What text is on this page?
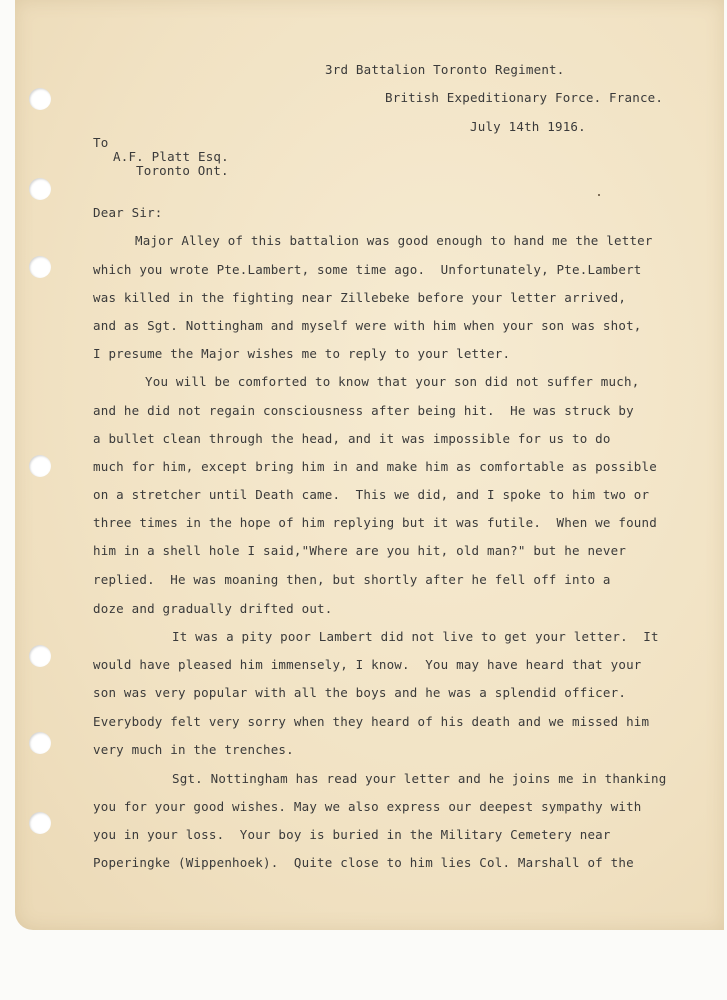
3rd Battalion Toronto Regiment.
British Expeditionary Force. France.
July 14th 1916.
To
A.F. Platt Esq.
Toronto Ont.
Dear Sir:
Major Alley of this battalion was good enough to hand me the letter
which you wrote Pte.Lambert, some time ago.  Unfortunately, Pte.Lambert
was killed in the fighting near Zillebeke before your letter arrived,
and as Sgt. Nottingham and myself were with him when your son was shot,
I presume the Major wishes me to reply to your letter.
You will be comforted to know that your son did not suffer much,
and he did not regain consciousness after being hit.  He was struck by
a bullet clean through the head, and it was impossible for us to do
much for him, except bring him in and make him as comfortable as possible
on a stretcher until Death came.  This we did, and I spoke to him two or
three times in the hope of him replying but it was futile.  When we found
him in a shell hole I said,"Where are you hit, old man?" but he never
replied.  He was moaning then, but shortly after he fell off into a
doze and gradually drifted out.
It was a pity poor Lambert did not live to get your letter.  It
would have pleased him immensely, I know.  You may have heard that your
son was very popular with all the boys and he was a splendid officer.
Everybody felt very sorry when they heard of his death and we missed him
very much in the trenches.
Sgt. Nottingham has read your letter and he joins me in thanking
you for your good wishes. May we also express our deepest sympathy with
you in your loss.  Your boy is buried in the Military Cemetery near
Poperingke (Wippenhoek).  Quite close to him lies Col. Marshall of the
